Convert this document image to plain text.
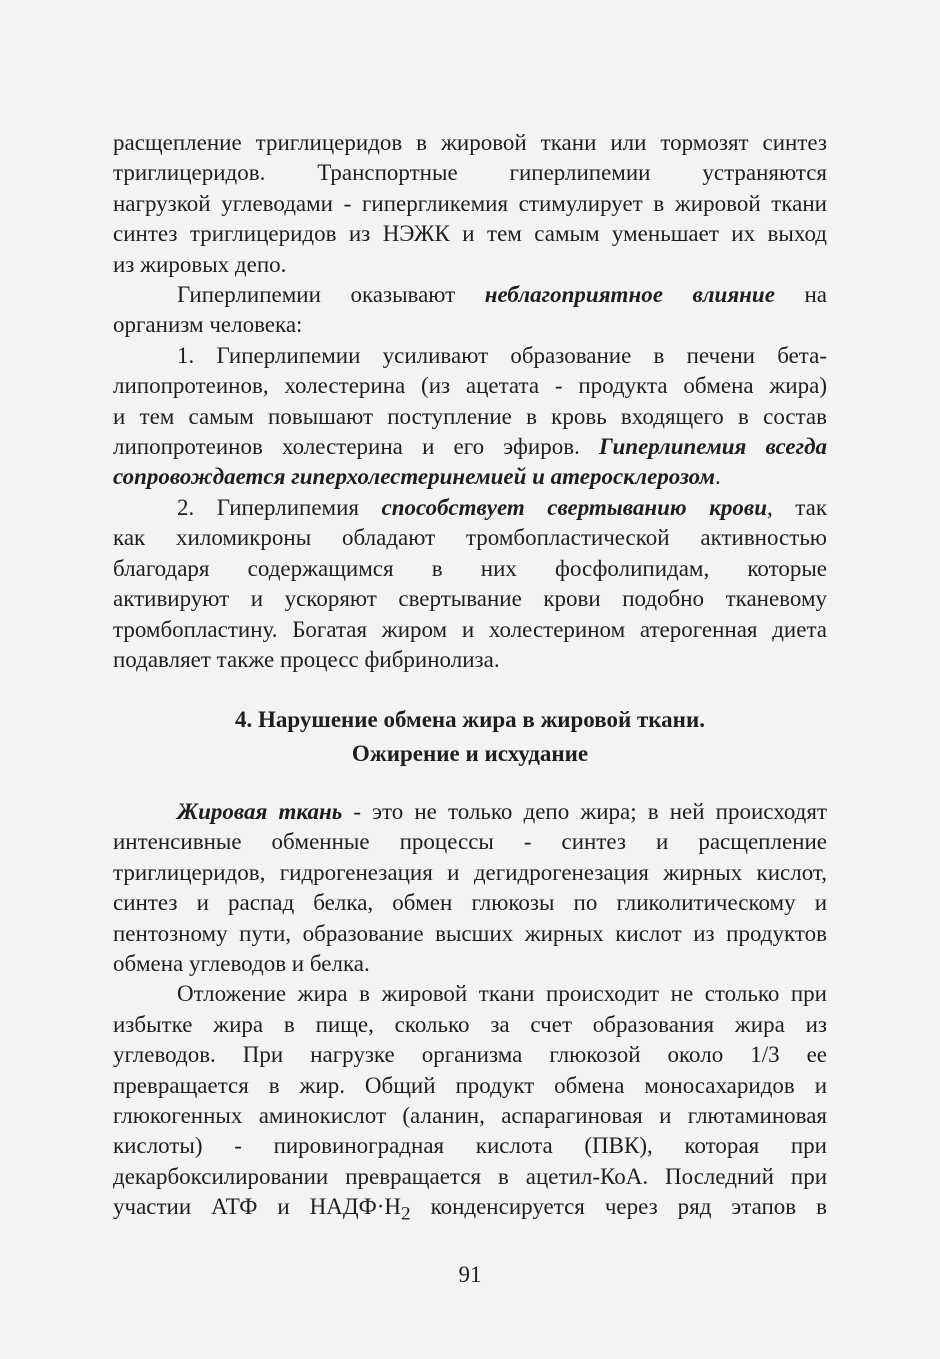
расщепление триглицеридов в жировой ткани или тормозят синтез
триглицеридов. Транспортные гиперлипемии устраняются
нагрузкой углеводами - гипергликемия стимулирует в жировой ткани
синтез триглицеридов из НЭЖК и тем самым уменьшает их выход
из жировых депо.

Гиперлипемии оказывают неблагоприятное влияние на
организм человека:

1. Гиперлипемии усиливают образование в печени бета-
липопротеинов, холестерина (из ацетата - продукта обмена жира)
и тем самым повышают поступление в кровь входящего в состав
липопротеинов холестерина и его эфиров. Гиперлипемия всегда
сопровождается гиперхолестеринемией и атеросклерозом.

2. Гиперлипемия способствует свертыванию крови, так
как хиломикроны обладают тромбопластической активностью
благодаря содержащимся в них фосфолипидам, которые
активируют и ускоряют свертывание крови подобно тканевому
тромбопластину. Богатая жиром и холестерином атерогенная диета
подавляет также процесс фибринолиза.

4. Нарушение обмена жира в жировой ткани.
Ожирение и исхудание

Жировая ткань - это не только депо жира; в ней происходят
интенсивные обменные процессы - синтез и расщепление
триглицеридов, гидрогенезация и дегидрогенезация жирных кислот,
синтез и распад белка, обмен глюкозы по гликолитическому и
пентозному пути, образование высших жирных кислот из продуктов
обмена углеводов и белка.

Отложение жира в жировой ткани происходит не столько при
избытке жира в пище, сколько за счет образования жира из
углеводов. При нагрузке организма глюкозой около 1/3 ее
превращается в жир. Общий продукт обмена моносахаридов и
глюкогенных аминокислот (аланин, аспарагиновая и глютаминовая
кислоты) - пировиноградная кислота (ПВК), которая при
декарбоксилировании превращается в ацетил-КоА. Последний при
участии АТФ и $НАДФ\cdot Н_2$ конденсируется через ряд этапов в

91
